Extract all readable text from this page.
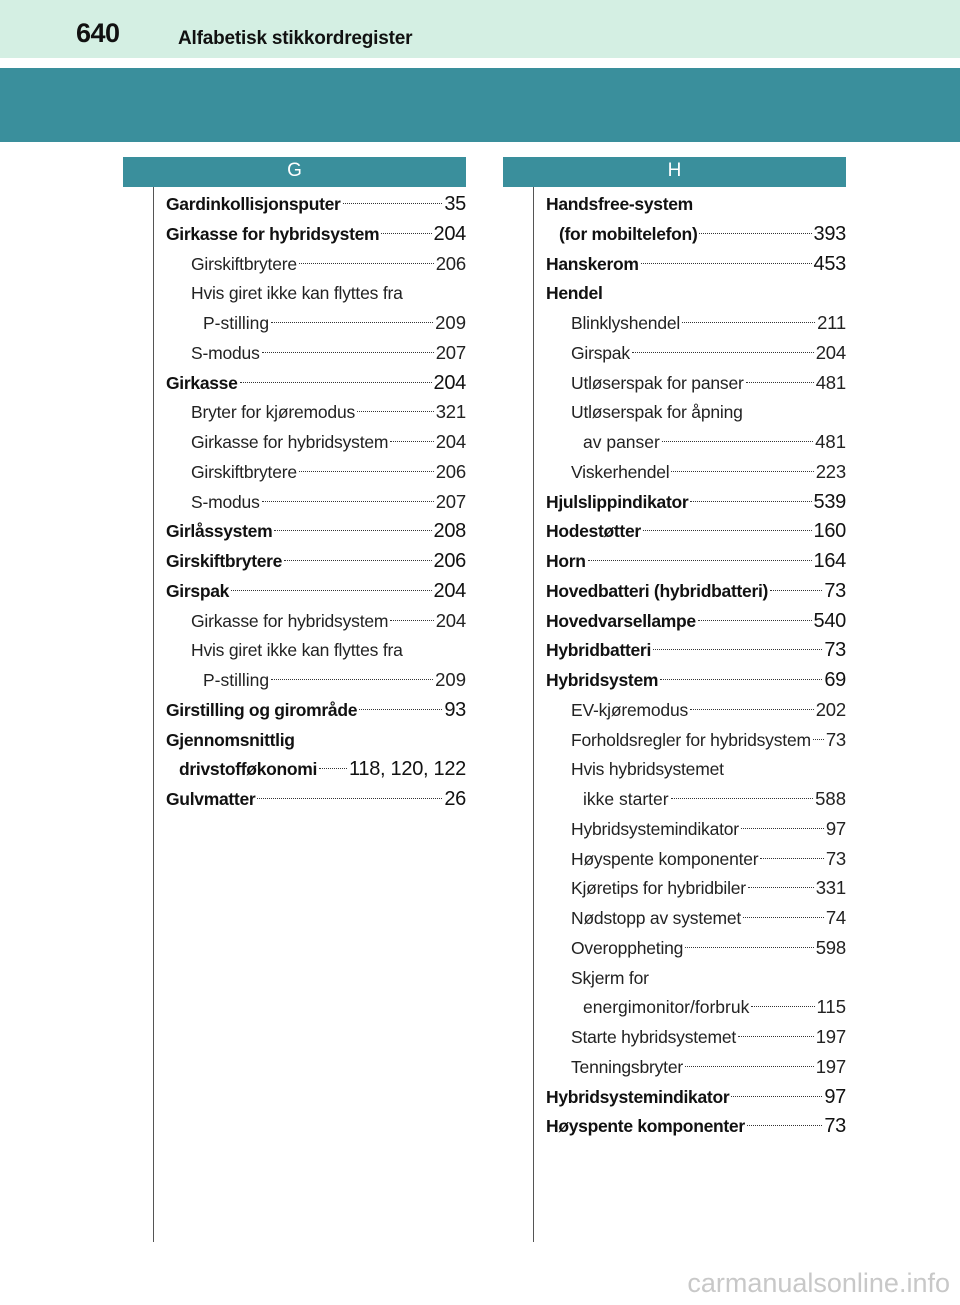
640	Alfabetisk stikkordregister
G	H
Gardinkollisjonsputer	35
Girkasse for hybridsystem	204
Girskiftbrytere	206
Hvis giret ikke kan flyttes fra
P-stilling	209
S-modus	207
Girkasse	204
Bryter for kjøremodus	321
Girkasse for hybridsystem	204
Girskiftbrytere	206
S-modus	207
Girlåssystem	208
Girskiftbrytere	206
Girspak	204
Girkasse for hybridsystem	204
Hvis giret ikke kan flyttes fra
P-stilling	209
Girstilling og girområde	93
Gjennomsnittlig
drivstofføkonomi 118, 120, 122
Gulvmatter	26
Handsfree-system
(for mobiltelefon)	393
Hanskerom	453
Hendel
Blinklyshendel	211
Girspak	204
Utløserspak for panser	481
Utløserspak for åpning
av panser	481
Viskerhendel	223
Hjulslippindikator	539
Hodestøtter	160
Horn	164
Hovedbatteri (hybridbatteri)	73
Hovedvarsellampe	540
Hybridbatteri	73
Hybridsystem	69
EV-kjøremodus	202
Forholdsregler for hybridsystem 73
Hvis hybridsystemet
ikke starter	588
Hybridsystemindikator	97
Høyspente komponenter	73
Kjøretips for hybridbiler	331
Nødstopp av systemet	74
Overoppheting	598
Skjerm for
energimonitor/forbruk	115
Starte hybridsystemet	197
Tenningsbryter	197
Hybridsystemindikator	97
Høyspente komponenter	73
carmanualsonline.info
